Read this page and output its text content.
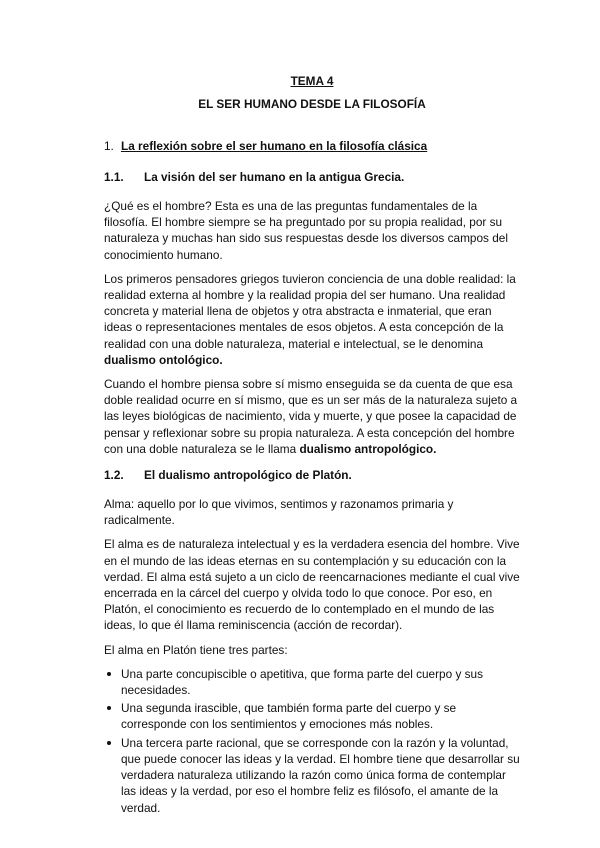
TEMA 4

EL SER HUMANO DESDE LA FILOSOFÍA

1. La reflexión sobre el ser humano en la filosofía clásica
1.1.	La visión del ser humano en la antigua Grecia.

¿Qué es el hombre? Esta es una de las preguntas fundamentales de la filosofía. El hombre siempre se ha preguntado por su propia realidad, por su naturaleza y muchas han sido sus respuestas desde los diversos campos del conocimiento humano.

Los primeros pensadores griegos tuvieron conciencia de una doble realidad: la realidad externa al hombre y la realidad propia del ser humano. Una realidad concreta y material llena de objetos y otra abstracta e inmaterial, que eran ideas o representaciones mentales de esos objetos. A esta concepción de la realidad con una doble naturaleza, material e intelectual, se le denomina dualismo ontológico.

Cuando el hombre piensa sobre sí mismo enseguida se da cuenta de que esa doble realidad ocurre en sí mismo, que es un ser más de la naturaleza sujeto a las leyes biológicas de nacimiento, vida y muerte, y que posee la capacidad de pensar y reflexionar sobre su propia naturaleza. A esta concepción del hombre con una doble naturaleza se le llama dualismo antropológico.

1.2.	El dualismo antropológico de Platón.

Alma: aquello por lo que vivimos, sentimos y razonamos primaria y radicalmente.

El alma es de naturaleza intelectual y es la verdadera esencia del hombre. Vive en el mundo de las ideas eternas en su contemplación y su educación con la verdad. El alma está sujeto a un ciclo de reencarnaciones mediante el cual vive encerrada en la cárcel del cuerpo y olvida todo lo que conoce. Por eso, en Platón, el conocimiento es recuerdo de lo contemplado en el mundo de las ideas, lo que él llama reminiscencia (acción de recordar).

El alma en Platón tiene tres partes:

Una parte concupiscible o apetitiva, que forma parte del cuerpo y sus necesidades.
Una segunda irascible, que también forma parte del cuerpo y se corresponde con los sentimientos y emociones más nobles.
Una tercera parte racional, que se corresponde con la razón y la voluntad, que puede conocer las ideas y la verdad. El hombre tiene que desarrollar su verdadera naturaleza utilizando la razón como única forma de contemplar las ideas y la verdad, por eso el hombre feliz es filósofo, el amante de la verdad.
